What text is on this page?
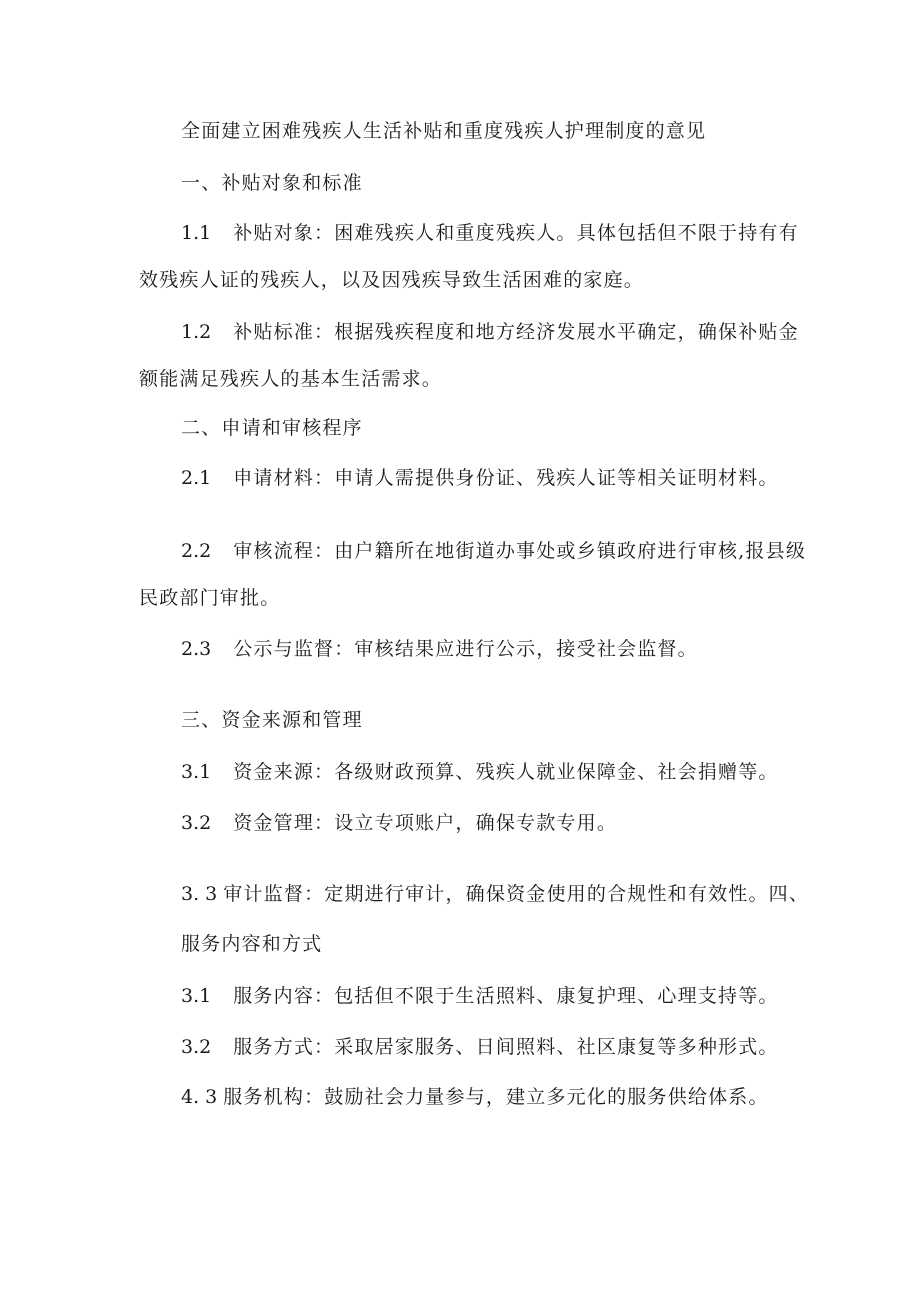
全面建立困难残疾人生活补贴和重度残疾人护理制度的意见
一、补贴对象和标准
1.1 补贴对象：困难残疾人和重度残疾人。具体包括但不限于持有有
效残疾人证的残疾人，以及因残疾导致生活困难的家庭。
1.2 补贴标准：根据残疾程度和地方经济发展水平确定，确保补贴金
额能满足残疾人的基本生活需求。
二、申请和审核程序
2.1 申请材料：申请人需提供身份证、残疾人证等相关证明材料。
2.2 审核流程：由户籍所在地街道办事处或乡镇政府进行审核,报县级
民政部门审批。
2.3 公示与监督：审核结果应进行公示，接受社会监督。
三、资金来源和管理
3.1 资金来源：各级财政预算、残疾人就业保障金、社会捐赠等。
3.2 资金管理：设立专项账户，确保专款专用。
3. 3 审计监督：定期进行审计，确保资金使用的合规性和有效性。四、
服务内容和方式
3.1 服务内容：包括但不限于生活照料、康复护理、心理支持等。
3.2 服务方式：采取居家服务、日间照料、社区康复等多种形式。
4. 3 服务机构：鼓励社会力量参与，建立多元化的服务供给体系。
